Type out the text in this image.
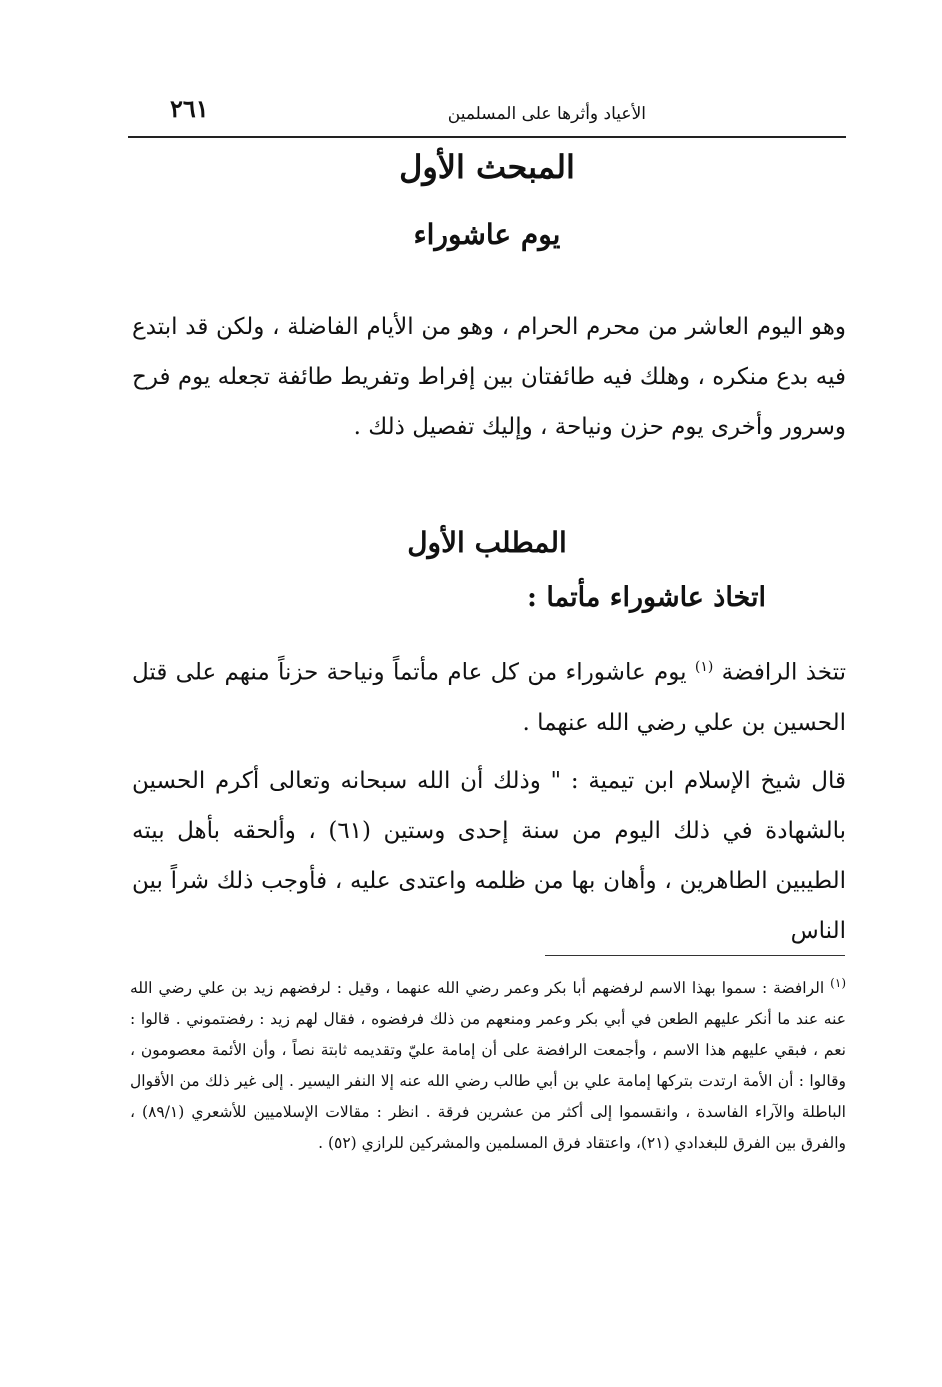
٢٦١	الأعياد وأثرها على المسلمين
المبحث الأول
يوم عاشوراء
وهو اليوم العاشر من محرم الحرام ، وهو من الأيام الفاضلة ، ولكن قد ابتدع فيه بدع منكره ، وهلك فيه طائفتان بين إفراط وتفريط طائفة تجعله يوم فرح وسرور وأخرى يوم حزن ونياحة ، وإليك تفصيل ذلك .
المطلب الأول
اتخاذ عاشوراء مأتما :
تتخذ الرافضة $^{(١)}$ يوم عاشوراء من كل عام مأتماً ونياحة حزناً منهم على قتل الحسين بن علي رضي الله عنهما .
قال شيخ الإسلام ابن تيمية : " وذلك أن الله سبحانه وتعالى أكرم الحسين بالشهادة في ذلك اليوم من سنة إحدى وستين (٦١) ، وألحقه بأهل بيته الطيبين الطاهرين ، وأهان بها من ظلمه واعتدى عليه ، فأوجب ذلك شراً بين الناس
$^{(١)}$ الرافضة : سموا بهذا الاسم لرفضهم أبا بكر وعمر رضي الله عنهما ، وقيل : لرفضهم زيد بن علي رضي الله عنه عند ما أنكر عليهم الطعن في أبي بكر وعمر ومنعهم من ذلك فرفضوه ، فقال لهم زيد : رفضتموني . قالوا : نعم ، فبقي عليهم هذا الاسم ، وأجمعت الرافضة على أن إمامة عليّ وتقديمه ثابتة نصاً ، وأن الأئمة معصومون ، وقالوا : أن الأمة ارتدت بتركها إمامة علي بن أبي طالب رضي الله عنه إلا النفر اليسير . إلى غير ذلك من الأقوال الباطلة والآراء الفاسدة ، وانقسموا إلى أكثر من عشرين فرقة . انظر : مقالات الإسلاميين للأشعري (٨٩/١) ، والفرق بين الفرق للبغدادي (٢١)، واعتقاد فرق المسلمين والمشركين للرازي (٥٢) .
